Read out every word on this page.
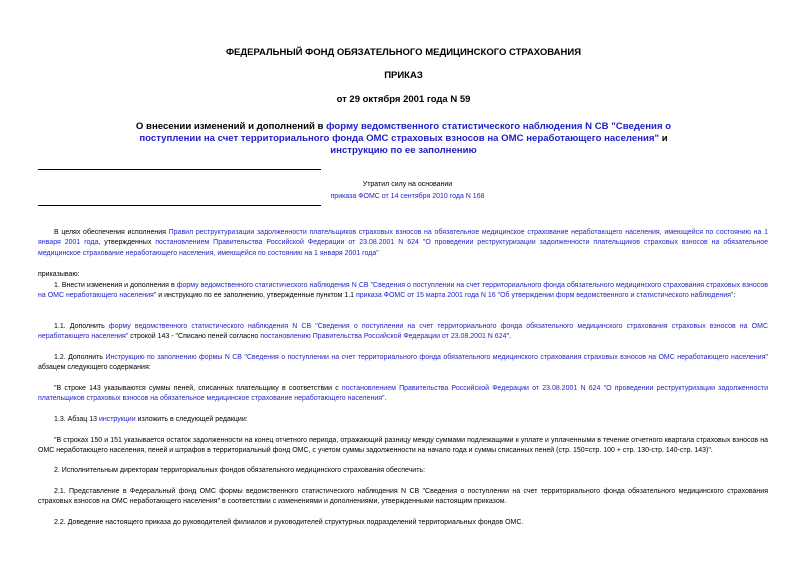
ФЕДЕРАЛЬНЫЙ ФОНД ОБЯЗАТЕЛЬНОГО МЕДИЦИНСКОГО СТРАХОВАНИЯ
ПРИКАЗ
от 29 октября 2001 года N 59
О внесении изменений и дополнений в форму ведомственного статистического наблюдения N СВ "Сведения о поступлении на счет территориального фонда ОМС страховых взносов на ОМС неработающего населения" и инструкцию по ее заполнению
Утратил силу на основании
приказа ФОМС от 14 сентября 2010 года N 168
В целях обеспечения исполнения Правил реструктуризации задолженности плательщиков страховых взносов на обязательное медицинское страхование неработающего населения, имеющейся по состоянию на 1 января 2001 года, утвержденных постановлением Правительства Российской Федерации от 23.08.2001 N 624 "О проведении реструктуризации задолженности плательщиков страховых взносов на обязательное медицинское страхование неработающего населения, имеющейся по состоянию на 1 января 2001 года"
приказываю:
1. Внести изменения и дополнения в форму ведомственного статистического наблюдения N СВ "Сведения о поступлении на счет территориального фонда обязательного медицинского страхования страховых взносов на ОМС неработающего населения" и инструкцию по ее заполнению, утвержденные пунктом 1.1 приказа ФОМС от 15 марта 2001 года N 16 "Об утверждении форм ведомственного и статистического наблюдения":
1.1. Дополнить форму ведомственного статистического наблюдения N СВ "Сведения о поступлении на счет территориального фонда обязательного медицинского страхования страховых взносов на ОМС неработающего населения" строкой 143 - "Списано пеней согласно постановлению Правительства Российской Федерации от 23.08.2001 N 624".
1.2. Дополнить Инструкцию по заполнению формы N СВ "Сведения о поступлении на счет территориального фонда обязательного медицинского страхования страховых взносов на ОМС неработающего населения" абзацем следующего содержания:
"В строке 143 указываются суммы пеней, списанных плательщику в соответствии с постановлением Правительства Российской Федерации от 23.08.2001 N 624 "О проведении реструктуризации задолженности плательщиков страховых взносов на обязательное медицинское страхование неработающего населения".
1.3. Абзац 13 инструкции изложить в следующей редакции:
"В строках 150 и 151 указывается остаток задолженности на конец отчетного периода, отражающий разницу между суммами подлежащими к уплате и уплаченными в течение отчетного квартала страховых взносов на ОМС неработающего населения, пеней и штрафов в территориальный фонд ОМС, с учетом суммы задолженности на начало года и суммы списанных пеней (стр. 150=стр. 100 + стр. 130-стр. 140-стр. 143)".
2. Исполнительным директорам территориальных фондов обязательного медицинского страхования обеспечить:
2.1. Представление в Федеральный фонд ОМС формы ведомственного статистического наблюдения N СВ "Сведения о поступлении на счет территориального фонда обязательного медицинского страхования страховых взносов на ОМС неработающего населения" в соответствии с изменениями и дополнениями, утвержденными настоящим приказом.
2.2. Доведение настоящего приказа до руководителей филиалов и руководителей структурных подразделений территориальных фондов ОМС.
